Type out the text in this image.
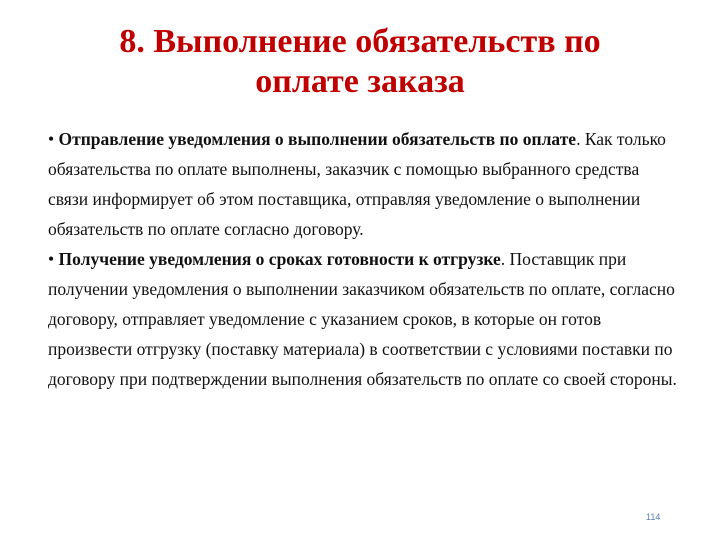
8. Выполнение обязательств по
оплате заказа

• Отправление уведомления о выполнении обязательств по оплате. Как только обязательства по оплате выполнены, заказчик с помощью выбранного средства связи информирует об этом поставщика, отправляя уведомление о выполнении обязательств по оплате согласно договору.

• Получение уведомления о сроках готовности к отгрузке. Поставщик при получении уведомления о выполнении заказчиком обязательств по оплате, согласно договору, отправляет уведомление с указанием сроков, в которые он готов произвести отгрузку (поставку материала) в соответствии с условиями поставки по договору при подтверждении выполнения обязательств по оплате со своей стороны.

114
